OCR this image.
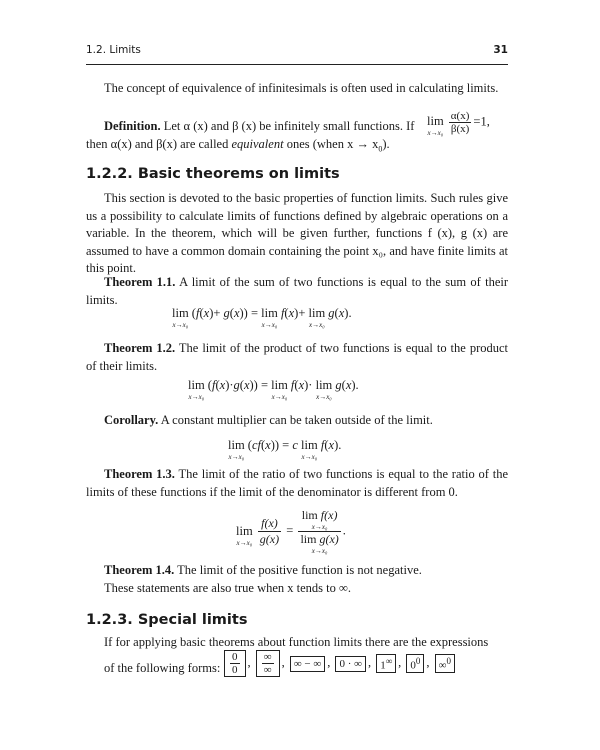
1.2. Limits	31
The concept of equivalence of infinitesimals is often used in calculating limits.
Definition. Let α (x) and β (x) be infinitely small functions. If	lim
x→x₀
$\frac{\alpha(x)}{\beta(x)} =1$,
then α(x) and β(x) are called equivalent ones (when $x \to x_0$).
1.2.2. Basic theorems on limits
This section is devoted to the basic properties of function limits. Such rules give us a possibility to calculate limits of functions defined by algebraic operations on a variable. In the theorem, which will be given further, functions f (x), g (x) are assumed to have a common domain containing the point x₀, and have finite limits at this point.
Theorem 1.1. A limit of the sum of two functions is equal to the sum of their limits.
lim
x→x₀
(f(x)+ g(x)) = lim
x→x₀
f(x)+ lim
x→x₀
g(x).
Theorem 1.2. The limit of the product of two functions is equal to the product of their limits.
lim
x→x₀
(f(x)·g(x)) = lim
x→x₀
f(x)· lim
x→x₀
g(x).
Corollary. A constant multiplier can be taken outside of the limit.
lim
x→x₀
(cf(x)) = c lim
x→x₀
f(x).
Theorem 1.3. The limit of the ratio of two functions is equal to the ratio of the limits of these functions if the limit of the denominator is different from 0.
lim
x→x₀
$\frac{f(x)}{g(x)} = \lim f(x)$
x→x₀
lim g(x)
x→x₀ .
Theorem 1.4. The limit of the positive function is not negative.
These statements are also true when x tends to ∞.
1.2.3. Special limits
If for applying basic theorems about function limits there are the expressions
of the following forms: $\frac{0}{0}$ , $\frac{\infty}{\infty}$ , ∞ − ∞ , 0 · ∞ , 1∞ , $0^0$ , ∞$^0$
